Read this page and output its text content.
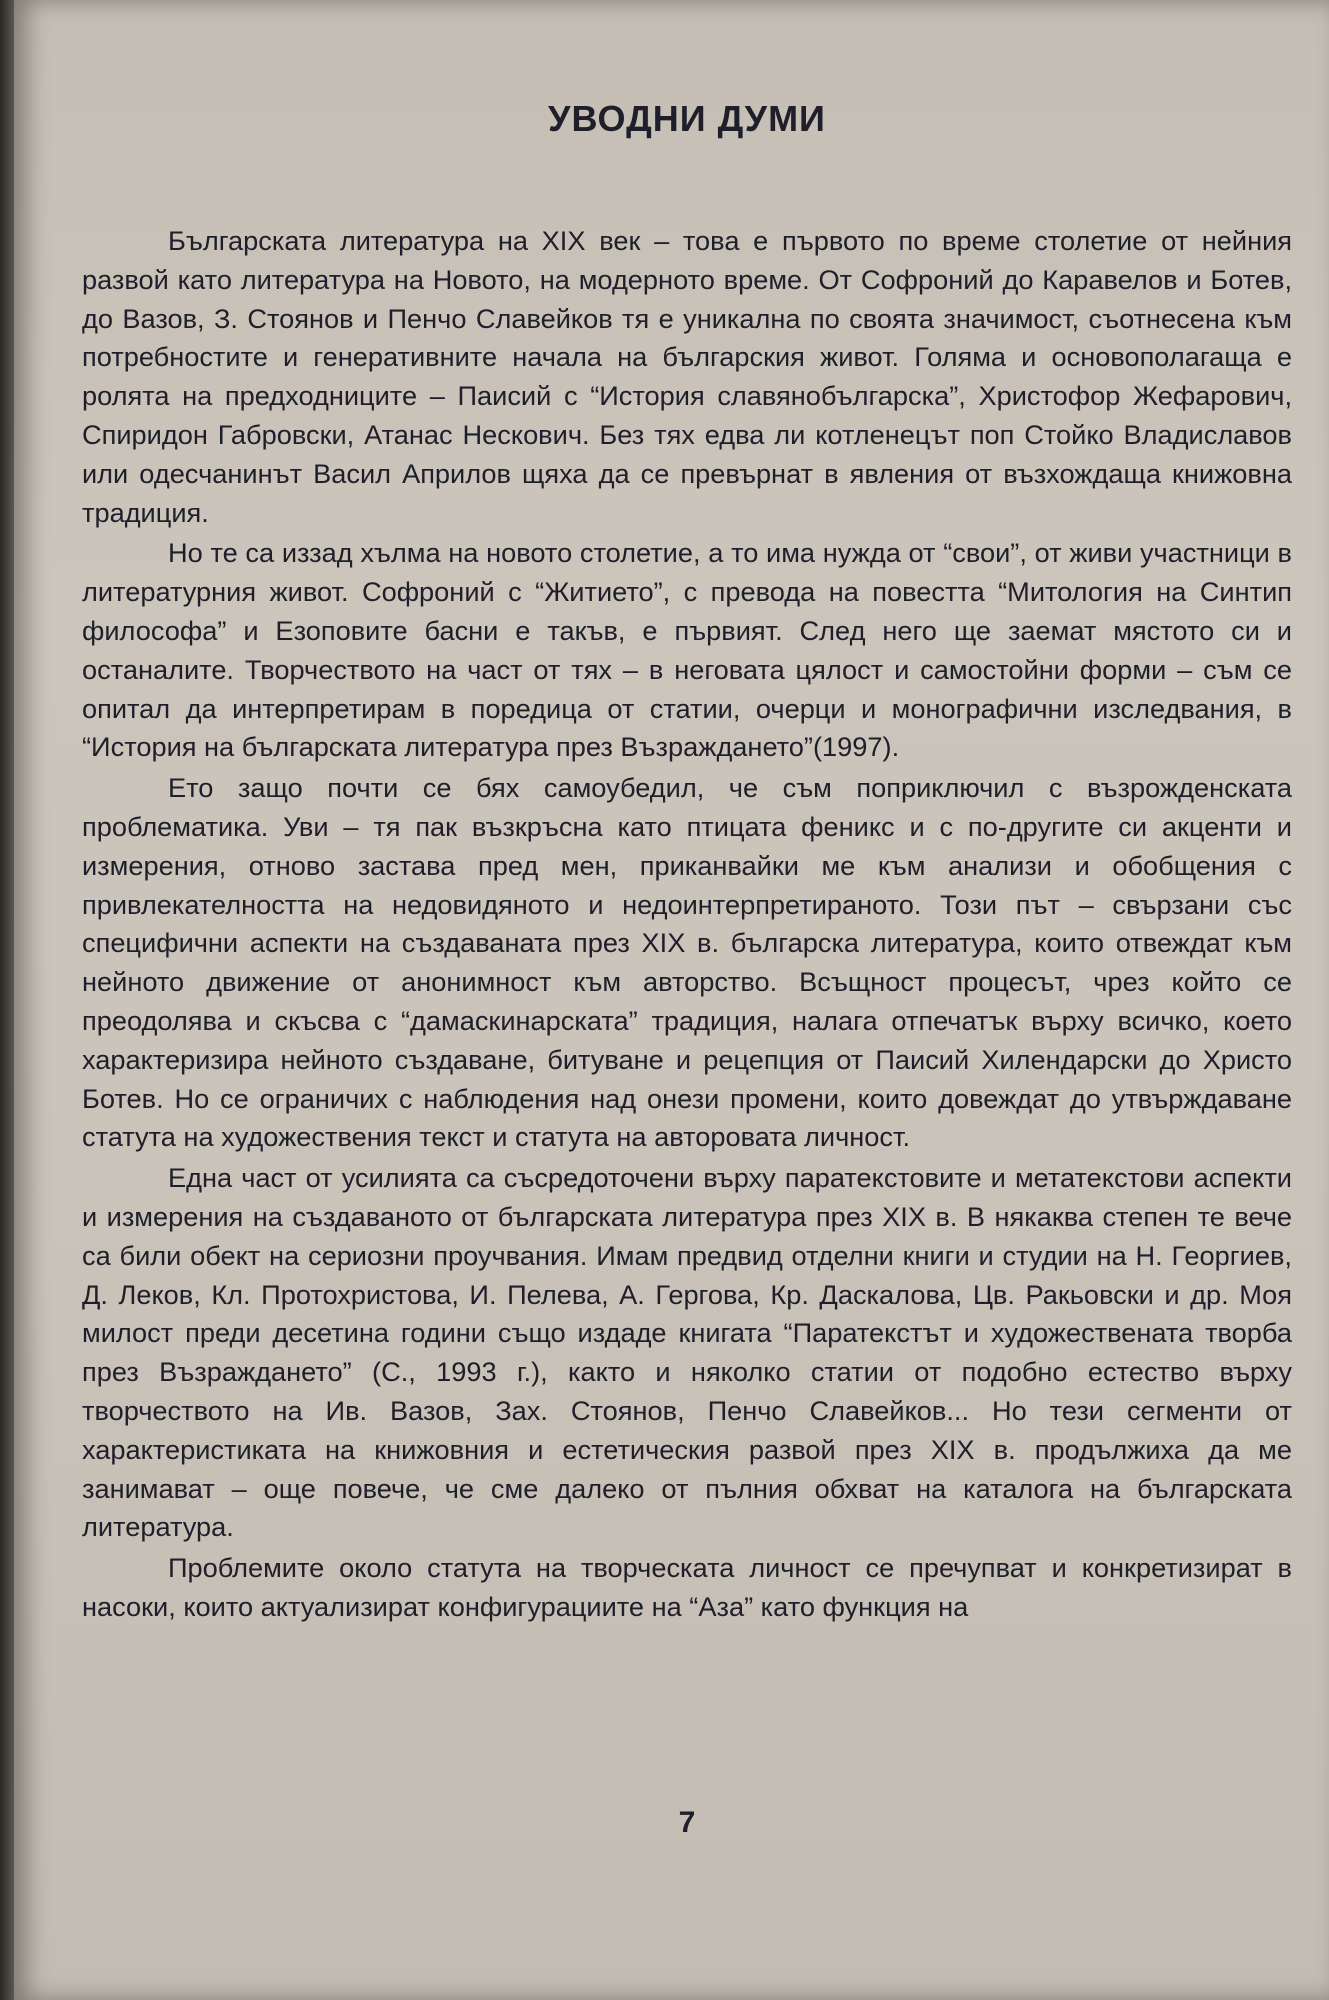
УВОДНИ ДУМИ

Българската литература на XIX век – това е първото по време столетие от нейния развой като литература на Новото, на модерното време. От Софроний до Каравелов и Ботев, до Вазов, З. Стоянов и Пенчо Славейков тя е уникална по своята значимост, съотнесена към потребностите и генеративните начала на българския живот. Голяма и основополагаща е ролята на предходниците – Паисий с “История славянобългарска”, Христофор Жефарович, Спиридон Габровски, Атанас Нескович. Без тях едва ли котленецът поп Стойко Владиславов или одесчанинът Васил Априлов щяха да се превърнат в явления от възхождаща книжовна традиция.

Но те са иззад хълма на новото столетие, а то има нужда от “свои”, от живи участници в литературния живот. Софроний с “Житието”, с превода на повестта “Митология на Синтип философа” и Езоповите басни е такъв, е първият. След него ще заемат мястото си и останалите. Творчеството на част от тях – в неговата цялост и самостойни форми – съм се опитал да интерпретирам в поредица от статии, очерци и монографични изследвания, в “История на българската литература през Възраждането”(1997).

Ето защо почти се бях самоубедил, че съм поприключил с възрожденската проблематика. Уви – тя пак възкръсна като птицата феникс и с по-другите си акценти и измерения, отново застава пред мен, приканвайки ме към анализи и обобщения с привлекателността на недовидяното и недоинтерпретираното. Този път – свързани със специфични аспекти на създаваната през XIX в. българска литература, които отвеждат към нейното движение от анонимност към авторство. Всъщност процесът, чрез който се преодолява и скъсва с “дамаскинарската” традиция, налага отпечатък върху всичко, което характеризира нейното създаване, битуване и рецепция от Паисий Хилендарски до Христо Ботев. Но се ограничих с наблюдения над онези промени, които довеждат до утвърждаване статута на художествения текст и статута на авторовата личност.

Една част от усилията са съсредоточени върху паратекстовите и метатекстови аспекти и измерения на създаваното от българската литература през XIX в. В някаква степен те вече са били обект на сериозни проучвания. Имам предвид отделни книги и студии на Н. Георгиев, Д. Леков, Кл. Протохристова, И. Пелева, А. Гергова, Кр. Даскалова, Цв. Ракьовски и др. Моя милост преди десетина години също издаде книгата “Паратекстът и художествената творба през Възраждането” (С., 1993 г.), както и няколко статии от подобно естество върху творчеството на Ив. Вазов, Зах. Стоянов, Пенчо Славейков... Но тези сегменти от характеристиката на книжовния и естетическия развой през XIX в. продължиха да ме занимават – още повече, че сме далеко от пълния обхват на каталога на българската литература.

Проблемите около статута на творческата личност се пречупват и конкретизират в насоки, които актуализират конфигурациите на “Аза” като функция на

7
